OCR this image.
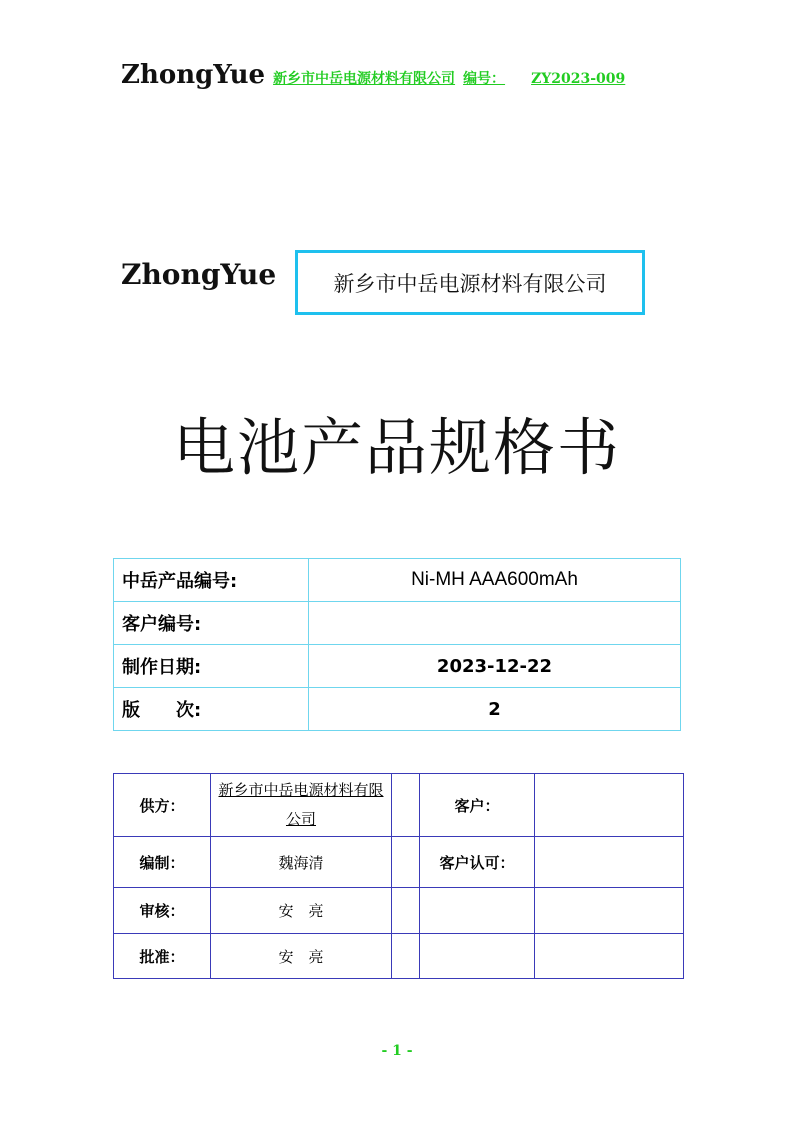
ZhongYue 新乡市中岳电源材料有限公司 编号： ZY2023-009
ZhongYue	新乡市中岳电源材料有限公司
电池产品规格书
中岳产品编号:	Ni-MH AAA600mAh
客户编号:	
制作日期:	2023-12-22
版　　次:	2
供方：	新乡市中岳电源材料有限公司		客户：	
编制：	魏海清		客户认可：	
审核：	安　亮			
批准：	安　亮			
- 1 -
